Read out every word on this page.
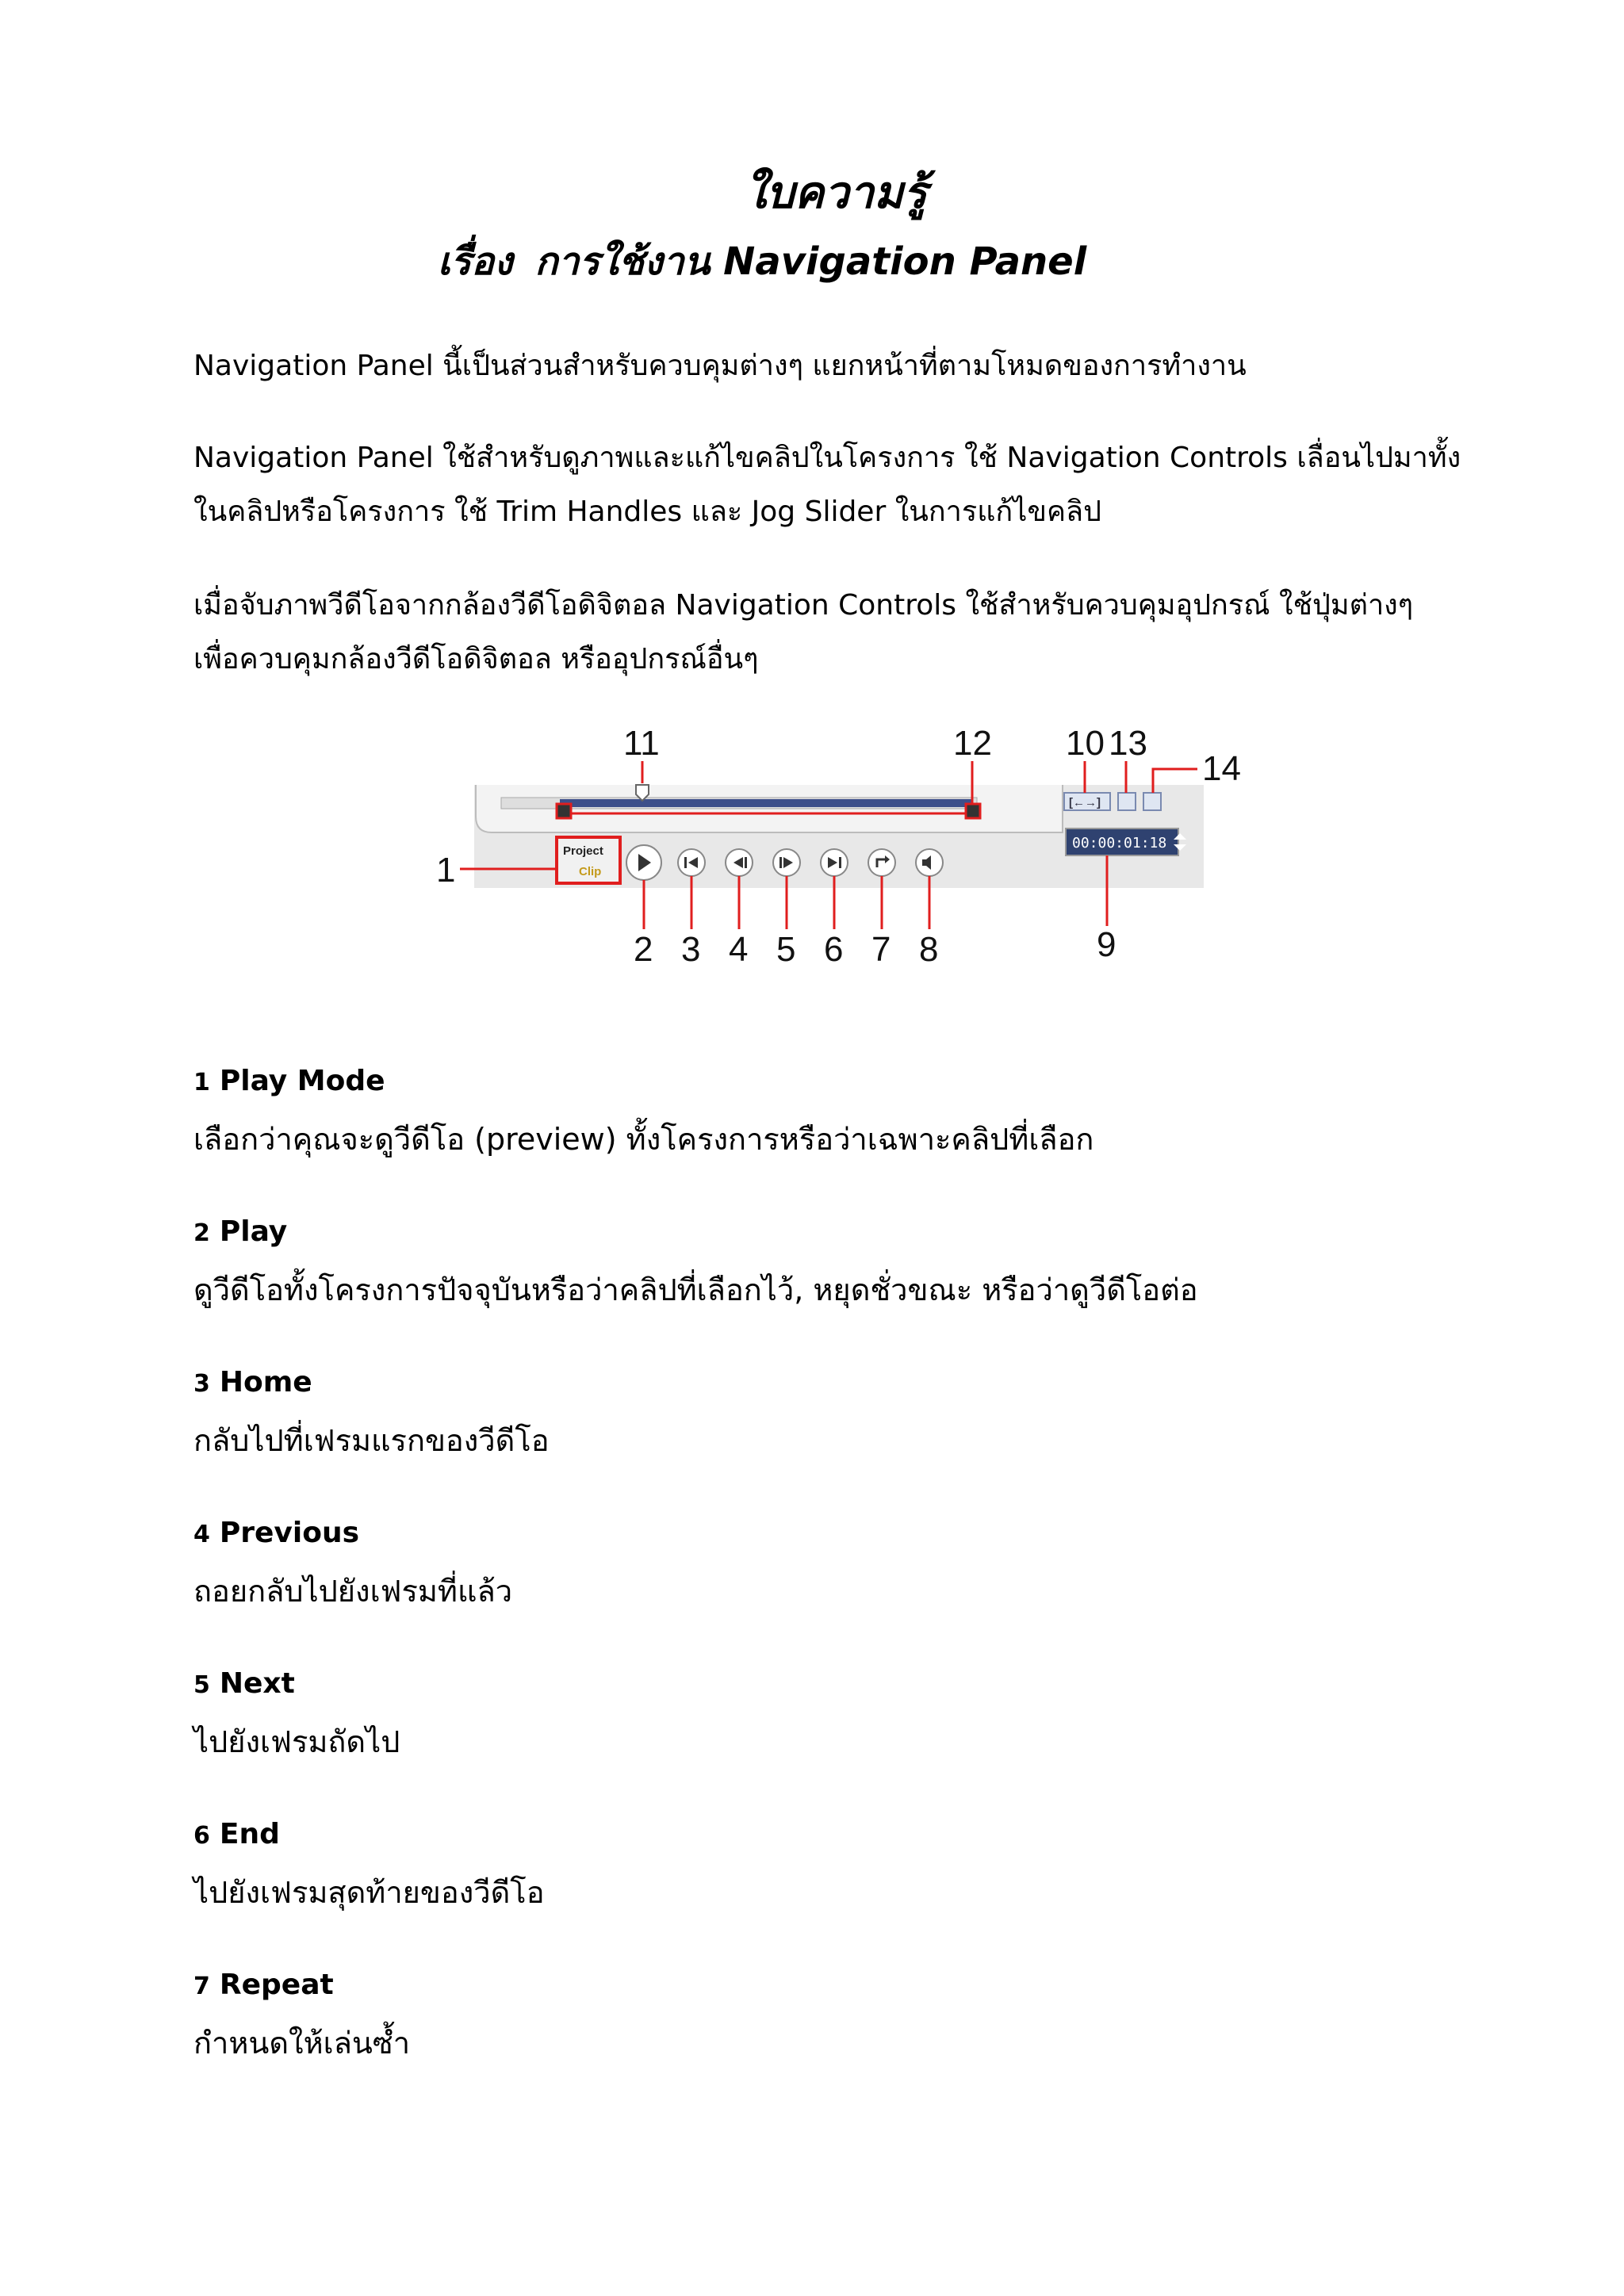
ใบความรู้
เรื่อง การใช้งาน Navigation Panel
Navigation Panel นี้เป็นส่วนสำหรับควบคุมต่างๆ แยกหน้าที่ตามโหมดของการทำงาน
Navigation Panel ใช้สำหรับดูภาพและแก้ไขคลิปในโครงการ ใช้ Navigation Controls เลื่อนไปมาทั้งในคลิปหรือโครงการ ใช้ Trim Handles และ Jog Slider ในการแก้ไขคลิป
เมื่อจับภาพวีดีโอจากกล้องวีดีโอดิจิตอล Navigation Controls ใช้สำหรับควบคุมอุปกรณ์ ใช้ปุ่มต่างๆ เพื่อควบคุมกล้องวีดีโอดิจิตอล หรืออุปกรณ์อื่นๆ
[←→]
00:00:01:18
Project
Clip
1
2 3 4 5 6 7 8	9
10
11	12	13
14
1 Play Mode
เลือกว่าคุณจะดูวีดีโอ (preview) ทั้งโครงการหรือว่าเฉพาะคลิปที่เลือก
2 Play
ดูวีดีโอทั้งโครงการปัจจุบันหรือว่าคลิปที่เลือกไว้, หยุดชั่วขณะ หรือว่าดูวีดีโอต่อ
3 Home
กลับไปที่เฟรมแรกของวีดีโอ
4 Previous
ถอยกลับไปยังเฟรมที่แล้ว
5 Next
ไปยังเฟรมถัดไป
6 End
ไปยังเฟรมสุดท้ายของวีดีโอ
7 Repeat
กำหนดให้เล่นซ้ำ
